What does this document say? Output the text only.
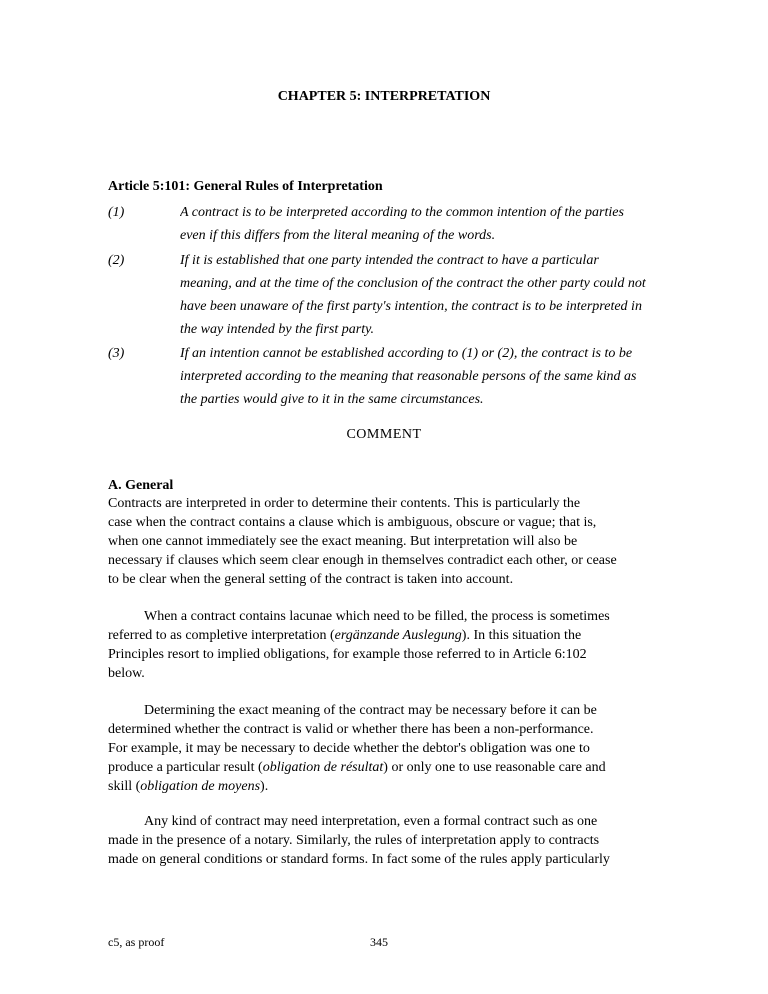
CHAPTER 5: INTERPRETATION
Article 5:101: General Rules of Interpretation
(1)	A contract is to be interpreted according to the common intention of the parties
even if this differs from the literal meaning of the words.
(2)	If it is established that one party intended the contract to have a particular
meaning, and at the time of the conclusion of the contract the other party could not
have been unaware of the first party's intention, the contract is to be interpreted in
the way intended by the first party.
(3)	If an intention cannot be established according to (1) or (2), the contract is to be
interpreted according to the meaning that reasonable persons of the same kind as
the parties would give to it in the same circumstances.
COMMENT
A. General
Contracts are interpreted in order to determine their contents. This is particularly the
case when the contract contains a clause which is ambiguous, obscure or vague; that is,
when one cannot immediately see the exact meaning. But interpretation will also be
necessary if clauses which seem clear enough in themselves contradict each other, or cease
to be clear when the general setting of the contract is taken into account.
When a contract contains lacunae which need to be filled, the process is sometimes
referred to as completive interpretation (ergänzande Auslegung). In this situation the
Principles resort to implied obligations, for example those referred to in Article 6:102
below.
Determining the exact meaning of the contract may be necessary before it can be
determined whether the contract is valid or whether there has been a non-performance.
For example, it may be necessary to decide whether the debtor's obligation was one to
produce a particular result (obligation de résultat) or only one to use reasonable care and
skill (obligation de moyens).
Any kind of contract may need interpretation, even a formal contract such as one
made in the presence of a notary. Similarly, the rules of interpretation apply to contracts
made on general conditions or standard forms. In fact some of the rules apply particularly
c5, as proof	345
